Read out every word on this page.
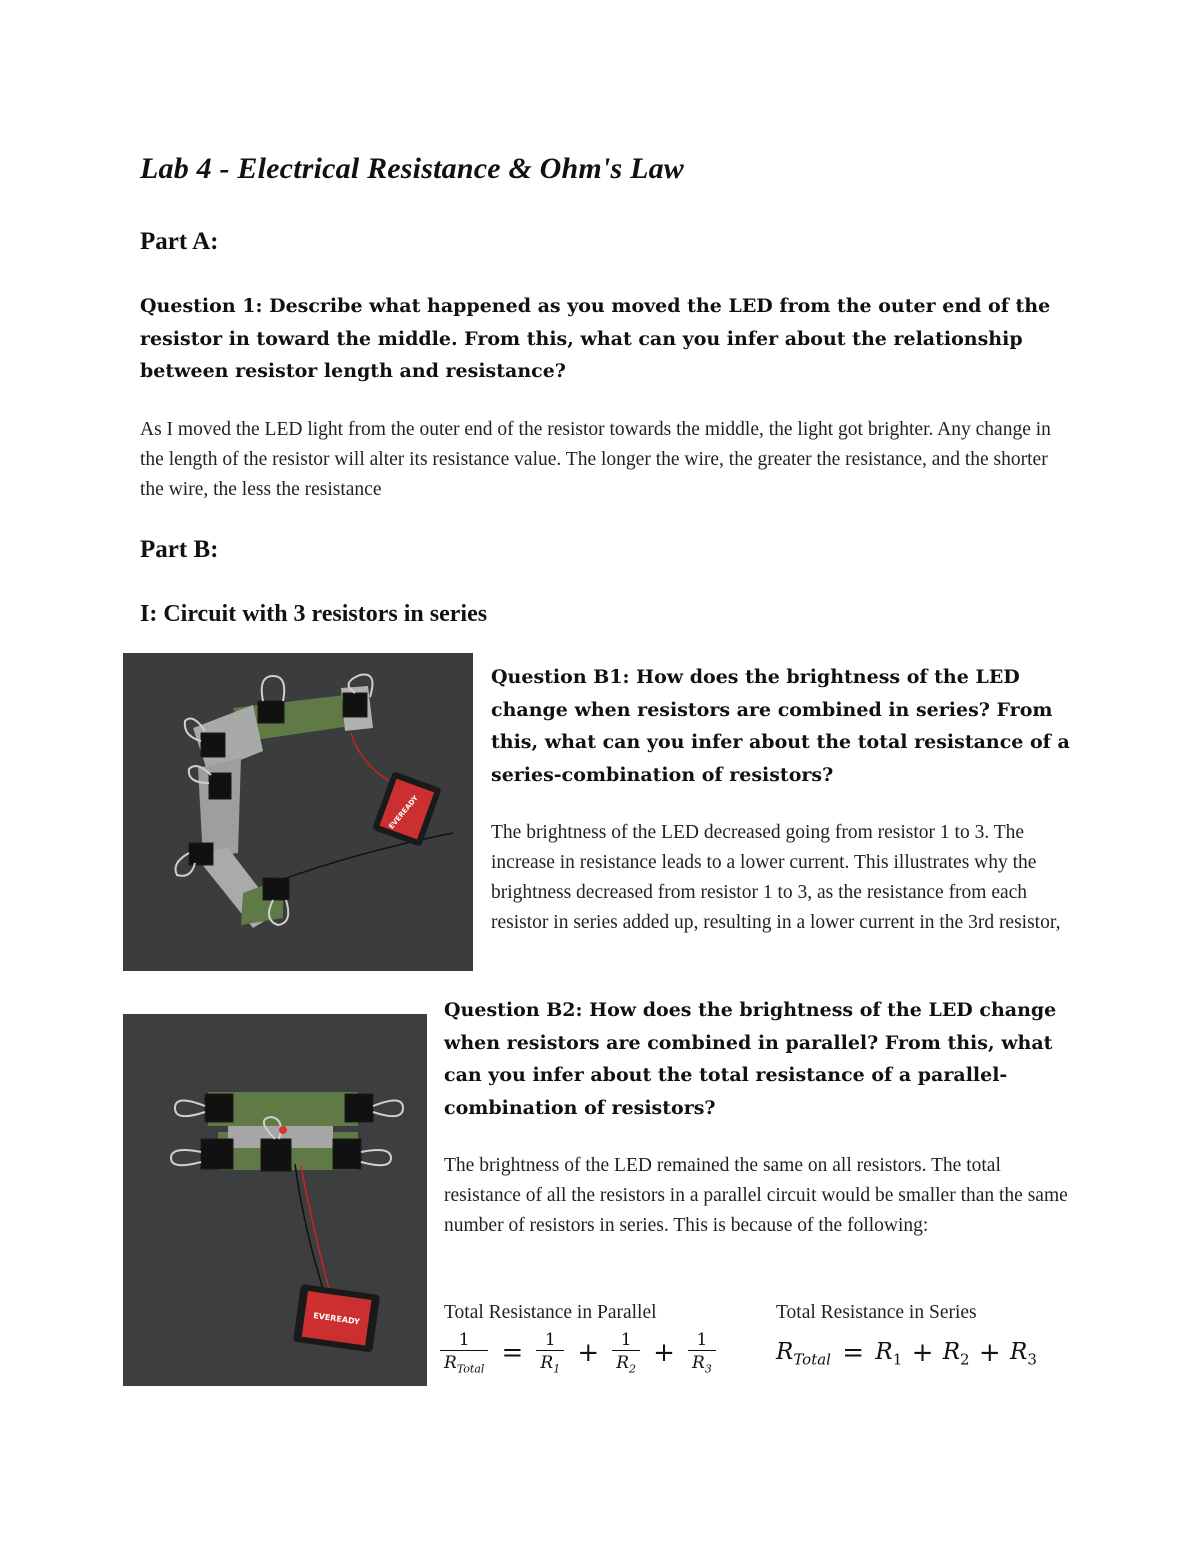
Lab 4 - Electrical Resistance & Ohm's Law
Part A:
Question 1: Describe what happened as you moved the LED from the outer end of the resistor in toward the middle. From this, what can you infer about the relationship between resistor length and resistance?
As I moved the LED light from the outer end of the resistor towards the middle, the light got brighter. Any change in the length of the resistor will alter its resistance value. The longer the wire, the greater the resistance, and the shorter the wire, the less the resistance
Part B:
I: Circuit with 3 resistors in series
EVEREADY
Question B1: How does the brightness of the LED change when resistors are combined in series? From this, what can you infer about the total resistance of a series-combination of resistors?
The brightness of the LED decreased going from resistor 1 to 3. The increase in resistance leads to a lower current. This illustrates why the brightness decreased from resistor 1 to 3, as the resistance from each resistor in series added up, resulting in a lower current in the 3rd resistor,
EVEREADY
Question B2: How does the brightness of the LED change when resistors are combined in parallel? From this, what can you infer about the total resistance of a parallel-combination of resistors?
The brightness of the LED remained the same on all resistors. The total resistance of all the resistors in a parallel circuit would be smaller than the same number of resistors in series. This is because of the following:
Total Resistance in Parallel	Total Resistance in Series
$\frac{1}{R_{Total}} = \frac{1}{R_1} + \frac{1}{R_2} + \frac{1}{R_3}$	$R_{Total} = R_1 + R_2 + R_3$
